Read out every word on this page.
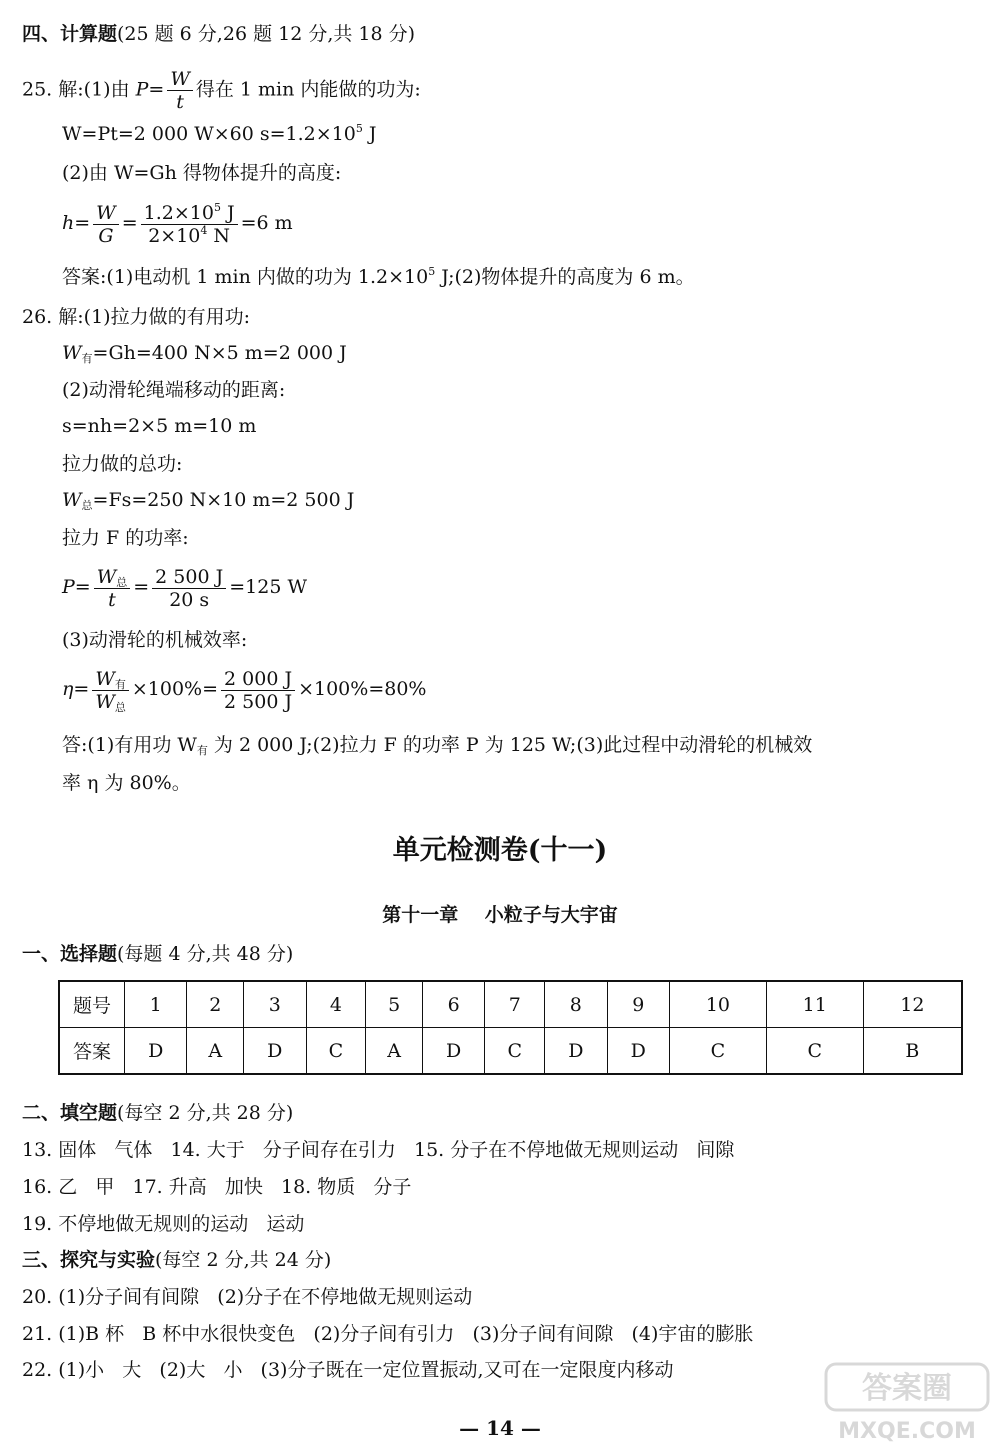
四、计算题(25 题 6 分,26 题 12 分,共 18 分)
25. 解:(1)由 $P= \frac{W}{t}$ 得在 1 min 内能做的功为:
W=Pt=2 000 W×60 $s=1.2\times 10^5$ J
(2)由 W=Gh 得物体提升的高度:
$h= \frac{W}{G} = \frac{1.2\times 10^5 J}{2\times 10^4 N} =6$ m
答案:(1)电动机 1 min 内做的功为 $1.2\times 10^5$ J;(2)物体提升的高度为 6 m。
26. 解:(1)拉力做的有用功:
$W_有=Gh=400$ N×5 m=2 000 J
(2)动滑轮绳端移动的距离:
s=nh=2×5 m=10 m
拉力做的总功:
$W_总=Fs=250$ N×10 m=2 500 J
拉力 F 的功率:
$P= \frac{W_总}{t} = \frac{2 500 J}{20 s} =125$ W
(3)动滑轮的机械效率:
$\eta= \frac{W_有}{W_总} \times 100\%= \frac{2 000 J}{2 500 J} \times 100\%=80\%$
答:(1)有用功 $W_有$ 为 2 000 J;(2)拉力 F 的功率 P 为 125 W;(3)此过程中动滑轮的机械效
率 η 为 80%。
单元检测卷(十一)
第十一章    小粒子与大宇宙
一、选择题(每题 4 分,共 48 分)
题号	1	2	3	4	5	6	7	8	9	10	11	12
答案	D	A	D	C	A	D	C	D	D	C	C	B
二、填空题(每空 2 分,共 28 分)
13. 固体   气体   14. 大于   分子间存在引力   15. 分子在不停地做无规则运动   间隙
16. 乙   甲   17. 升高   加快   18. 物质   分子
19. 不停地做无规则的运动   运动
三、探究与实验(每空 2 分,共 24 分)
20. (1)分子间有间隙   (2)分子在不停地做无规则运动
21. (1)B 杯   B 杯中水很快变色   (2)分子间有引力   (3)分子间有间隙   (4)宇宙的膨胀
22. (1)小   大   (2)大   小   (3)分子既在一定位置振动,又可在一定限度内移动
— 14 —
答案圈
MXQE.COM
